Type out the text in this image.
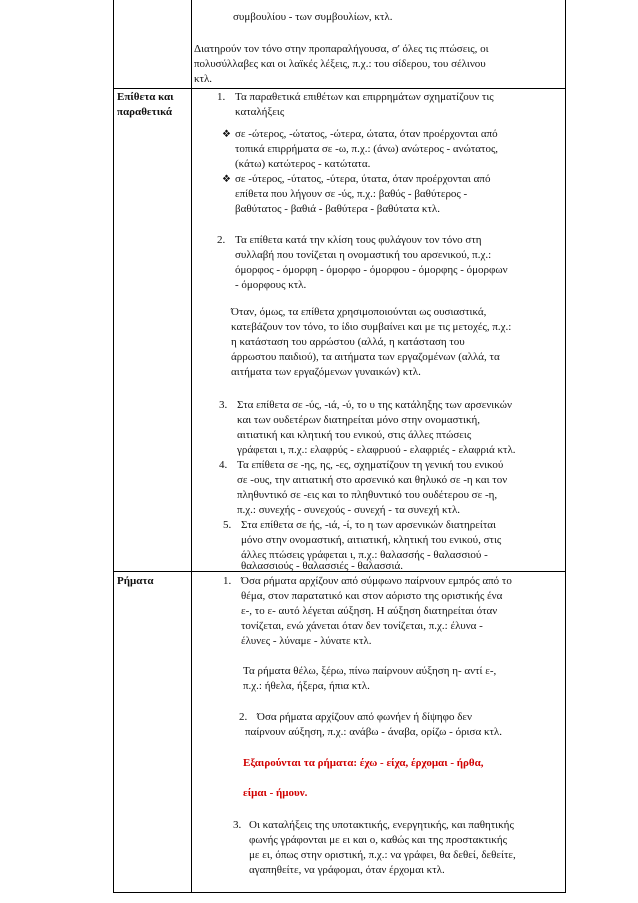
συμβουλίου - των συμβουλίων, κτλ.
Διατηρούν τον τόνο στην προπαραλήγουσα, σ' όλες τις πτώσεις, οι
πολυσύλλαβες και οι λαϊκές λέξεις, π.χ.: του σίδερου, του σέλινου
κτλ.
Επίθετα και
παραθετικά
1. Τα παραθετικά επιθέτων και επιρρημάτων σχηματίζουν τις
καταλήξεις
❖ σε -ώτερος, -ώτατος, -ώτερα, ώτατα, όταν προέρχονται από
τοπικά επιρρήματα σε -ω, π.χ.: (άνω) ανώτερος - ανώτατος,
(κάτω) κατώτερος - κατώτατα.
❖ σε -ύτερος, -ύτατος, -ύτερα, ύτατα, όταν προέρχονται από
επίθετα που λήγουν σε -ύς, π.χ.: βαθύς - βαθύτερος -
βαθύτατος - βαθιά - βαθύτερα - βαθύτατα κτλ.
2. Τα επίθετα κατά την κλίση τους φυλάγουν τον τόνο στη
συλλαβή που τονίζεται η ονομαστική του αρσενικού, π.χ.:
όμορφος - όμορφη - όμορφο - όμορφου - όμορφης - όμορφων
- όμορφους κτλ.
Όταν, όμως, τα επίθετα χρησιμοποιούνται ως ουσιαστικά,
κατεβάζουν τον τόνο, το ίδιο συμβαίνει και με τις μετοχές, π.χ.:
η κατάσταση του αρρώστου (αλλά, η κατάσταση του
άρρωστου παιδιού), τα αιτήματα των εργαζομένων (αλλά, τα
αιτήματα των εργαζόμενων γυναικών) κτλ.
3. Στα επίθετα σε -ύς, -ιά, -ύ, το υ της κατάληξης των αρσενικών
και των ουδετέρων διατηρείται μόνο στην ονομαστική,
αιτιατική και κλητική του ενικού, στις άλλες πτώσεις
γράφεται ι, π.χ.: ελαφρύς - ελαφρυού - ελαφριές - ελαφριά κτλ.
4. Τα επίθετα σε -ης, ης, -ες, σχηματίζουν τη γενική του ενικού
σε -ους, την αιτιατική στο αρσενικό και θηλυκό σε -η και τον
πληθυντικό σε -εις και το πληθυντικό του ουδέτερου σε -η,
π.χ.: συνεχής - συνεχούς - συνεχή - τα συνεχή κτλ.
5. Στα επίθετα σε ής, -ιά, -ί, το η των αρσενικών διατηρείται
μόνο στην ονομαστική, αιτιατική, κλητική του ενικού, στις
άλλες πτώσεις γράφεται ι, π.χ.: θαλασσής - θαλασσιού -
θαλασσιούς - θαλασσιές - θαλασσιά.
Ρήματα	1. Όσα ρήματα αρχίζουν από σύμφωνο παίρνουν εμπρός από το
θέμα, στον παρατατικό και στον αόριστο της οριστικής ένα
ε-, το ε- αυτό λέγεται αύξηση. Η αύξηση διατηρείται όταν
τονίζεται, ενώ χάνεται όταν δεν τονίζεται, π.χ.: έλυνα -
έλυνες - λύναμε - λύνατε κτλ.
Τα ρήματα θέλω, ξέρω, πίνω παίρνουν αύξηση η- αντί ε-,
π.χ.: ήθελα, ήξερα, ήπια κτλ.
2. Όσα ρήματα αρχίζουν από φωνήεν ή δίψηφο δεν
παίρνουν αύξηση, π.χ.: ανάβω - άναβα, ορίζω - όρισα κτλ.
Εξαιρούνται τα ρήματα: έχω - είχα, έρχομαι - ήρθα,
είμαι - ήμουν.
3. Οι καταλήξεις της υποτακτικής, ενεργητικής, και παθητικής
φωνής γράφονται με ει και ο, καθώς και της προστακτικής
με ει, όπως στην οριστική, π.χ.: να γράφει, θα δεθεί, δεθείτε,
αγαπηθείτε, να γράφομαι, όταν έρχομαι κτλ.
